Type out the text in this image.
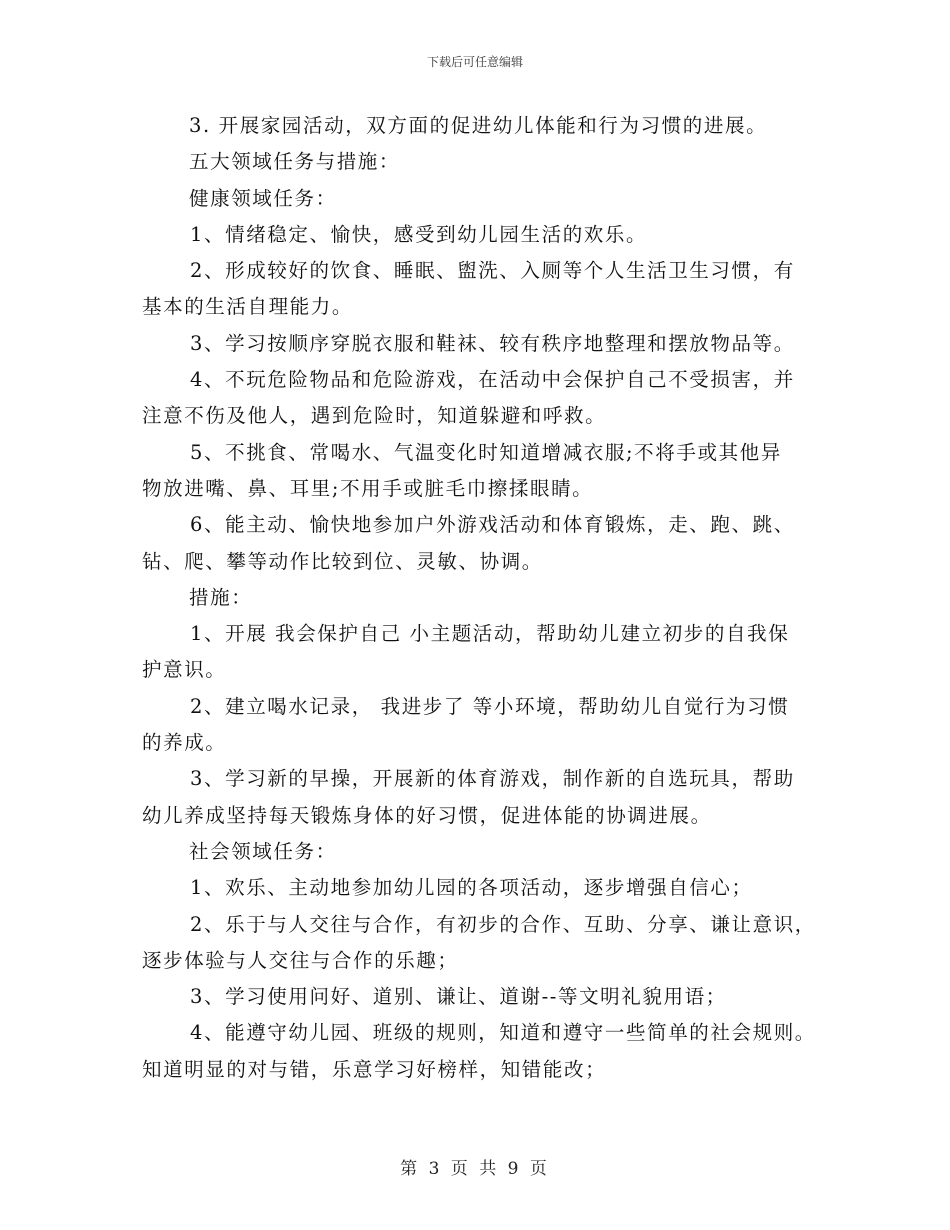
下载后可任意编辑

3. 开展家园活动，双方面的促进幼儿体能和行为习惯的进展。

五大领域任务与措施：

健康领域任务：

1、情绪稳定、愉快，感受到幼儿园生活的欢乐。

2、形成较好的饮食、睡眠、盥洗、入厕等个人生活卫生习惯，有

基本的生活自理能力。

3、学习按顺序穿脱衣服和鞋袜、较有秩序地整理和摆放物品等。

4、不玩危险物品和危险游戏，在活动中会保护自己不受损害，并

注意不伤及他人，遇到危险时，知道躲避和呼救。

5、不挑食、常喝水、气温变化时知道增减衣服;不将手或其他异

物放进嘴、鼻、耳里;不用手或脏毛巾擦揉眼睛。

6、能主动、愉快地参加户外游戏活动和体育锻炼，走、跑、跳、

钻、爬、攀等动作比较到位、灵敏、协调。

措施：

1、开展 我会保护自己 小主题活动，帮助幼儿建立初步的自我保

护意识。

2、建立喝水记录， 我进步了 等小环境，帮助幼儿自觉行为习惯

的养成。

3、学习新的早操，开展新的体育游戏，制作新的自选玩具，帮助

幼儿养成坚持每天锻炼身体的好习惯，促进体能的协调进展。

社会领域任务：

1、欢乐、主动地参加幼儿园的各项活动，逐步增强自信心；

2、乐于与人交往与合作，有初步的合作、互助、分享、谦让意识，

逐步体验与人交往与合作的乐趣；

3、学习使用问好、道别、谦让、道谢--等文明礼貌用语；

4、能遵守幼儿园、班级的规则，知道和遵守一些简单的社会规则。

知道明显的对与错，乐意学习好榜样，知错能改；

第 3 页 共 9 页
